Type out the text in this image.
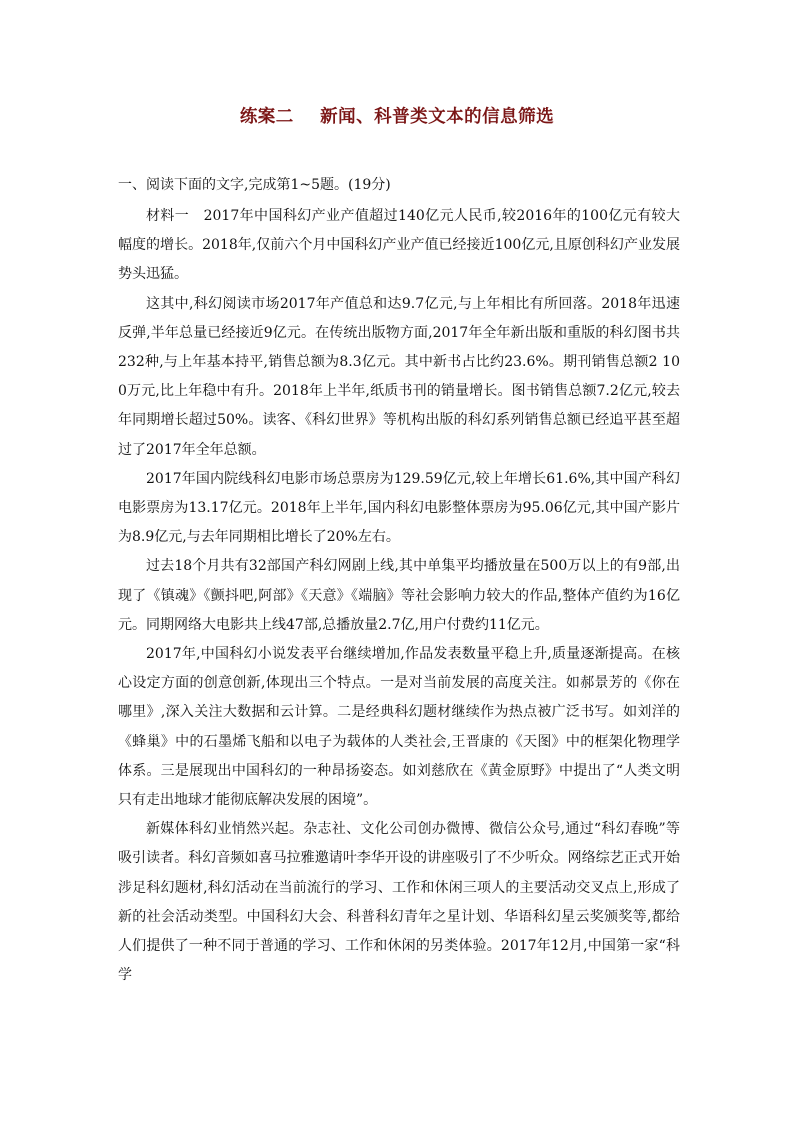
练案二    新闻、科普类文本的信息筛选
一、阅读下面的文字,完成第1~5题。(19分)

材料一　2017年中国科幻产业产值超过140亿元人民币,较2016年的100亿元有较大幅度的增长。2018年,仅前六个月中国科幻产业产值已经接近100亿元,且原创科幻产业发展势头迅猛。

这其中,科幻阅读市场2017年产值总和达9.7亿元,与上年相比有所回落。2018年迅速反弹,半年总量已经接近9亿元。在传统出版物方面,2017年全年新出版和重版的科幻图书共232种,与上年基本持平,销售总额为8.3亿元。其中新书占比约23.6%。期刊销售总额2 100万元,比上年稳中有升。2018年上半年,纸质书刊的销量增长。图书销售总额7.2亿元,较去年同期增长超过50%。读客、《科幻世界》等机构出版的科幻系列销售总额已经追平甚至超过了2017年全年总额。

2017年国内院线科幻电影市场总票房为129.59亿元,较上年增长61.6%,其中国产科幻电影票房为13.17亿元。2018年上半年,国内科幻电影整体票房为95.06亿元,其中国产影片为8.9亿元,与去年同期相比增长了20%左右。

过去18个月共有32部国产科幻网剧上线,其中单集平均播放量在500万以上的有9部,出现了《镇魂》《颤抖吧,阿部》《天意》《端脑》等社会影响力较大的作品,整体产值约为16亿元。同期网络大电影共上线47部,总播放量2.7亿,用户付费约11亿元。

2017年,中国科幻小说发表平台继续增加,作品发表数量平稳上升,质量逐渐提高。在核心设定方面的创意创新,体现出三个特点。一是对当前发展的高度关注。如郝景芳的《你在哪里》,深入关注大数据和云计算。二是经典科幻题材继续作为热点被广泛书写。如刘洋的《蜂巢》中的石墨烯飞船和以电子为载体的人类社会,王晋康的《天图》中的框架化物理学体系。三是展现出中国科幻的一种昂扬姿态。如刘慈欣在《黄金原野》中提出了“人类文明只有走出地球才能彻底解决发展的困境”。

新媒体科幻业悄然兴起。杂志社、文化公司创办微博、微信公众号,通过“科幻春晚”等吸引读者。科幻音频如喜马拉雅邀请叶李华开设的讲座吸引了不少听众。网络综艺正式开始涉足科幻题材,科幻活动在当前流行的学习、工作和休闲三项人的主要活动交叉点上,形成了新的社会活动类型。中国科幻大会、科普科幻青年之星计划、华语科幻星云奖颁奖等,都给人们提供了一种不同于普通的学习、工作和休闲的另类体验。2017年12月,中国第一家“科学
